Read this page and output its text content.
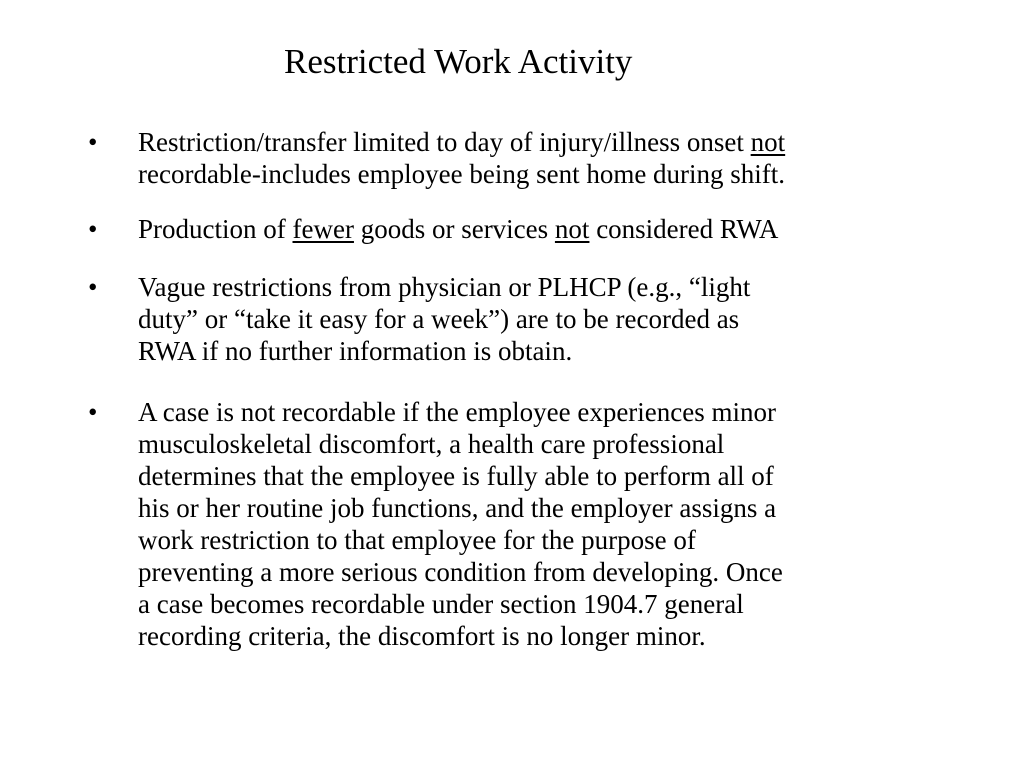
Restricted Work Activity
• Restriction/transfer limited to day of injury/illness onset not
recordable-includes employee being sent home during shift.
• Production of fewer goods or services not considered RWA
• Vague restrictions from physician or PLHCP (e.g., “light
duty” or “take it easy for a week”) are to be recorded as
RWA if no further information is obtain.
• A case is not recordable if the employee experiences minor
musculoskeletal discomfort, a health care professional
determines that the employee is fully able to perform all of
his or her routine job functions, and the employer assigns a
work restriction to that employee for the purpose of
preventing a more serious condition from developing. Once
a case becomes recordable under section 1904.7 general
recording criteria, the discomfort is no longer minor.
